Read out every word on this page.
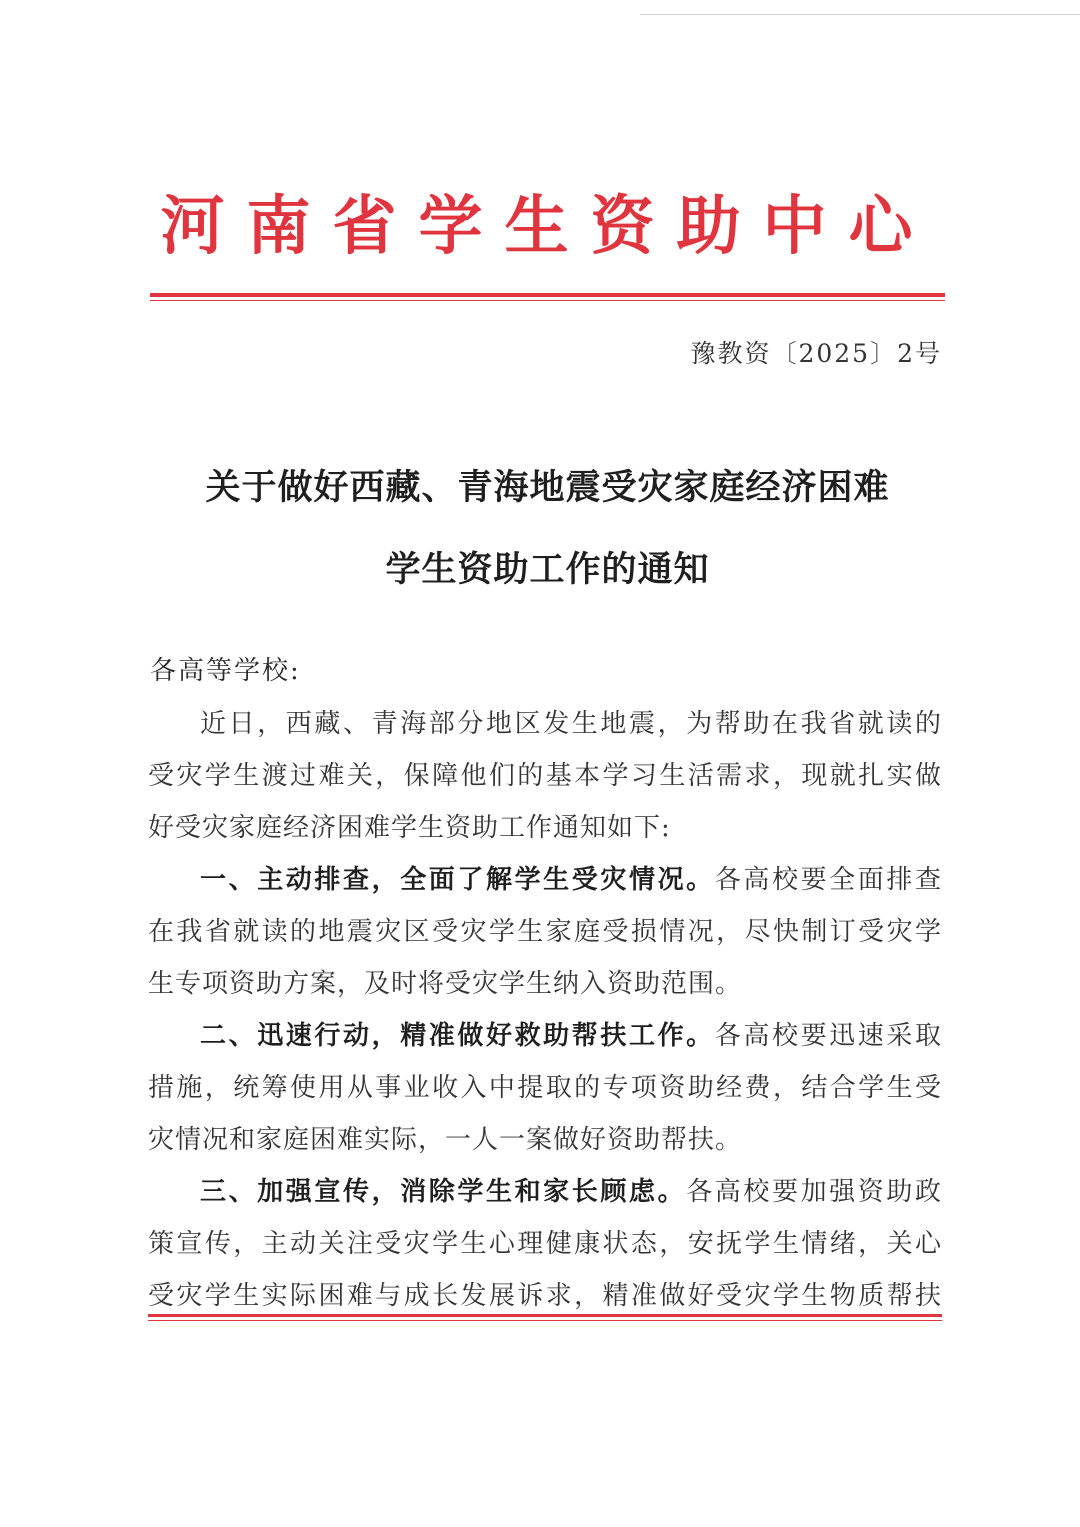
河南省学生资助中心
豫教资〔2025〕2号
关于做好西藏、青海地震受灾家庭经济困难
学生资助工作的通知
各高等学校:
近日，西藏、青海部分地区发生地震，为帮助在我省就读的
受灾学生渡过难关，保障他们的基本学习生活需求，现就扎实做
好受灾家庭经济困难学生资助工作通知如下:
一、主动排查，全面了解学生受灾情况。各高校要全面排查
在我省就读的地震灾区受灾学生家庭受损情况，尽快制订受灾学
生专项资助方案，及时将受灾学生纳入资助范围。
二、迅速行动，精准做好救助帮扶工作。各高校要迅速采取
措施，统筹使用从事业收入中提取的专项资助经费，结合学生受
灾情况和家庭困难实际，一人一案做好资助帮扶。
三、加强宣传，消除学生和家长顾虑。各高校要加强资助政
策宣传，主动关注受灾学生心理健康状态，安抚学生情绪，关心
受灾学生实际困难与成长发展诉求，精准做好受灾学生物质帮扶
